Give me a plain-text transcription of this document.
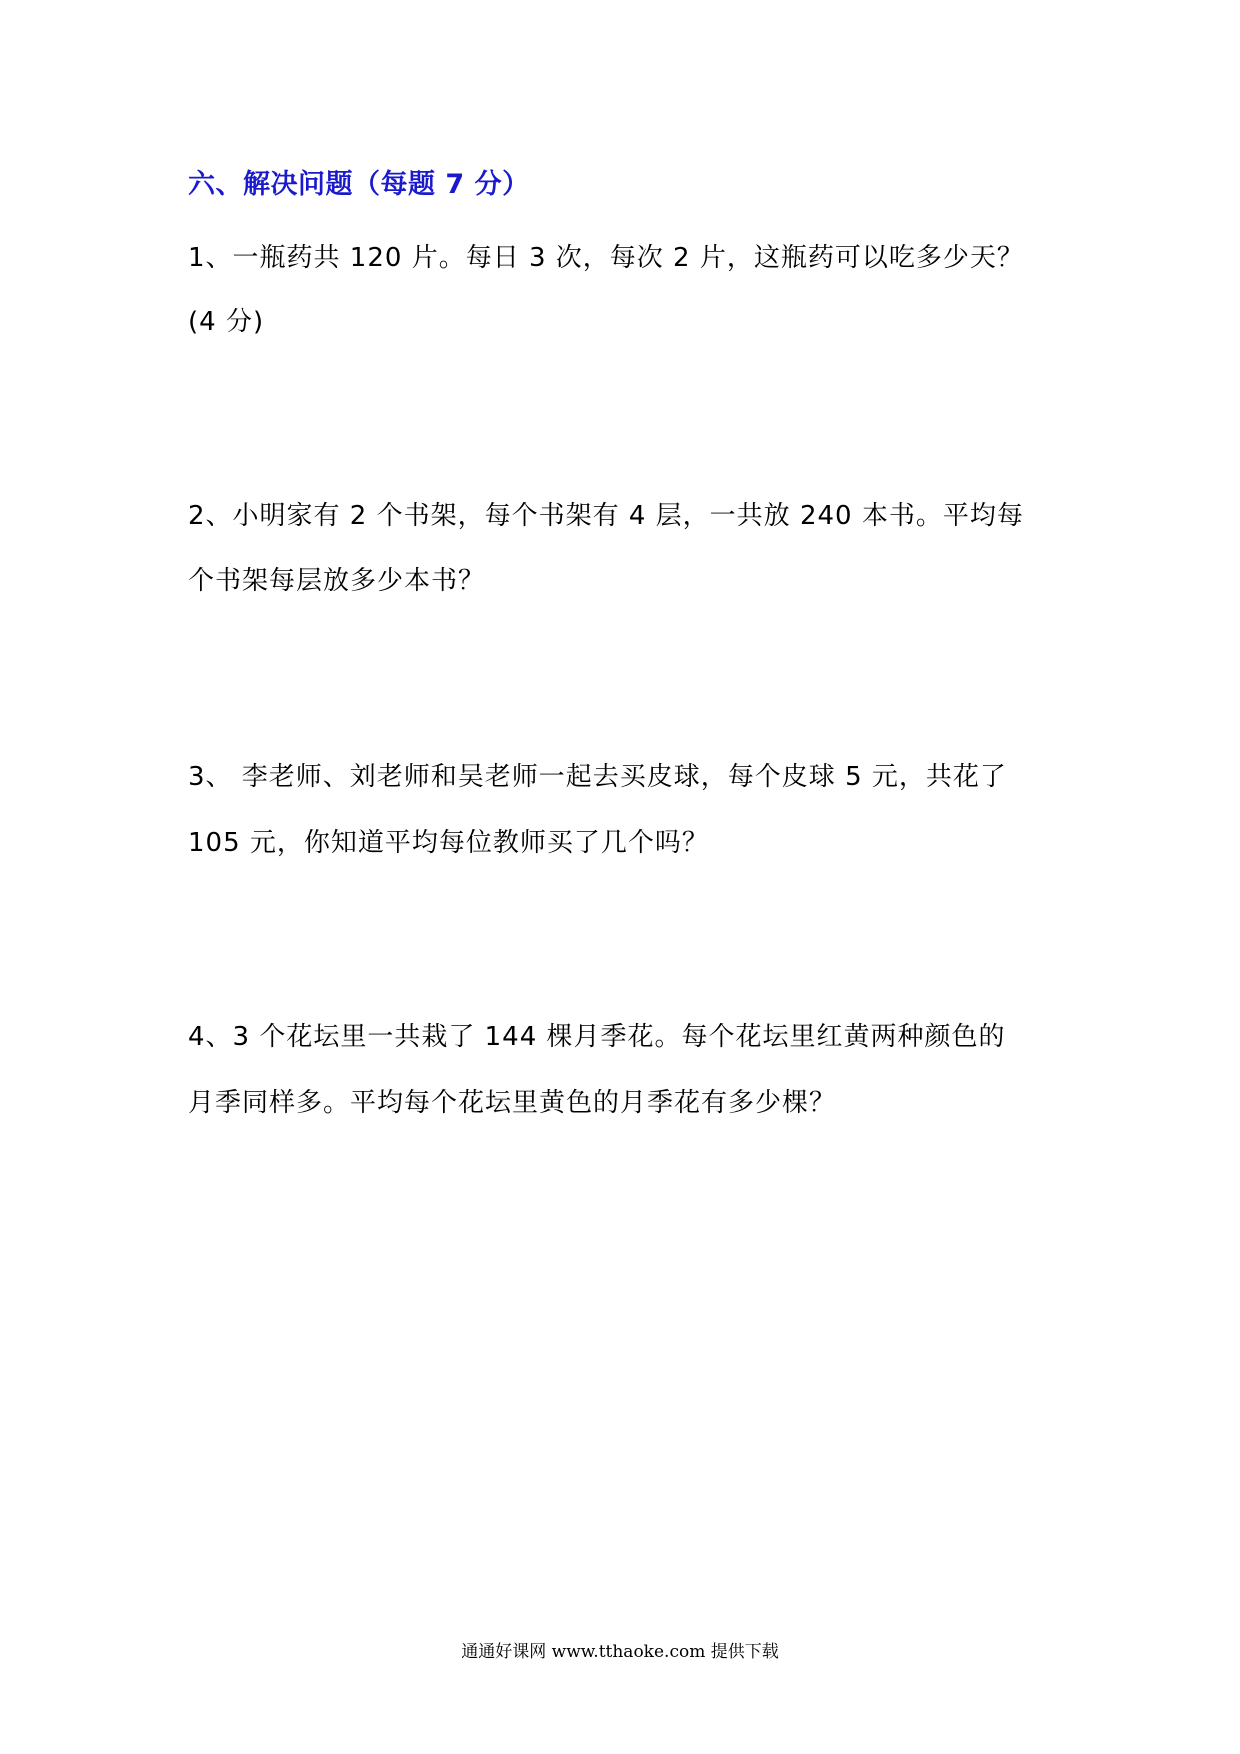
六、解决问题（每题 7 分）
1、一瓶药共 120 片。每日 3 次，每次 2 片，这瓶药可以吃多少天？
(4 分)
2、小明家有 2 个书架，每个书架有 4 层，一共放 240 本书。平均每
个书架每层放多少本书？
3、 李老师、刘老师和吴老师一起去买皮球，每个皮球 5 元，共花了
105 元，你知道平均每位教师买了几个吗？
4、3 个花坛里一共栽了 144 棵月季花。每个花坛里红黄两种颜色的
月季同样多。平均每个花坛里黄色的月季花有多少棵？
通通好课网 www.tthaoke.com 提供下载
